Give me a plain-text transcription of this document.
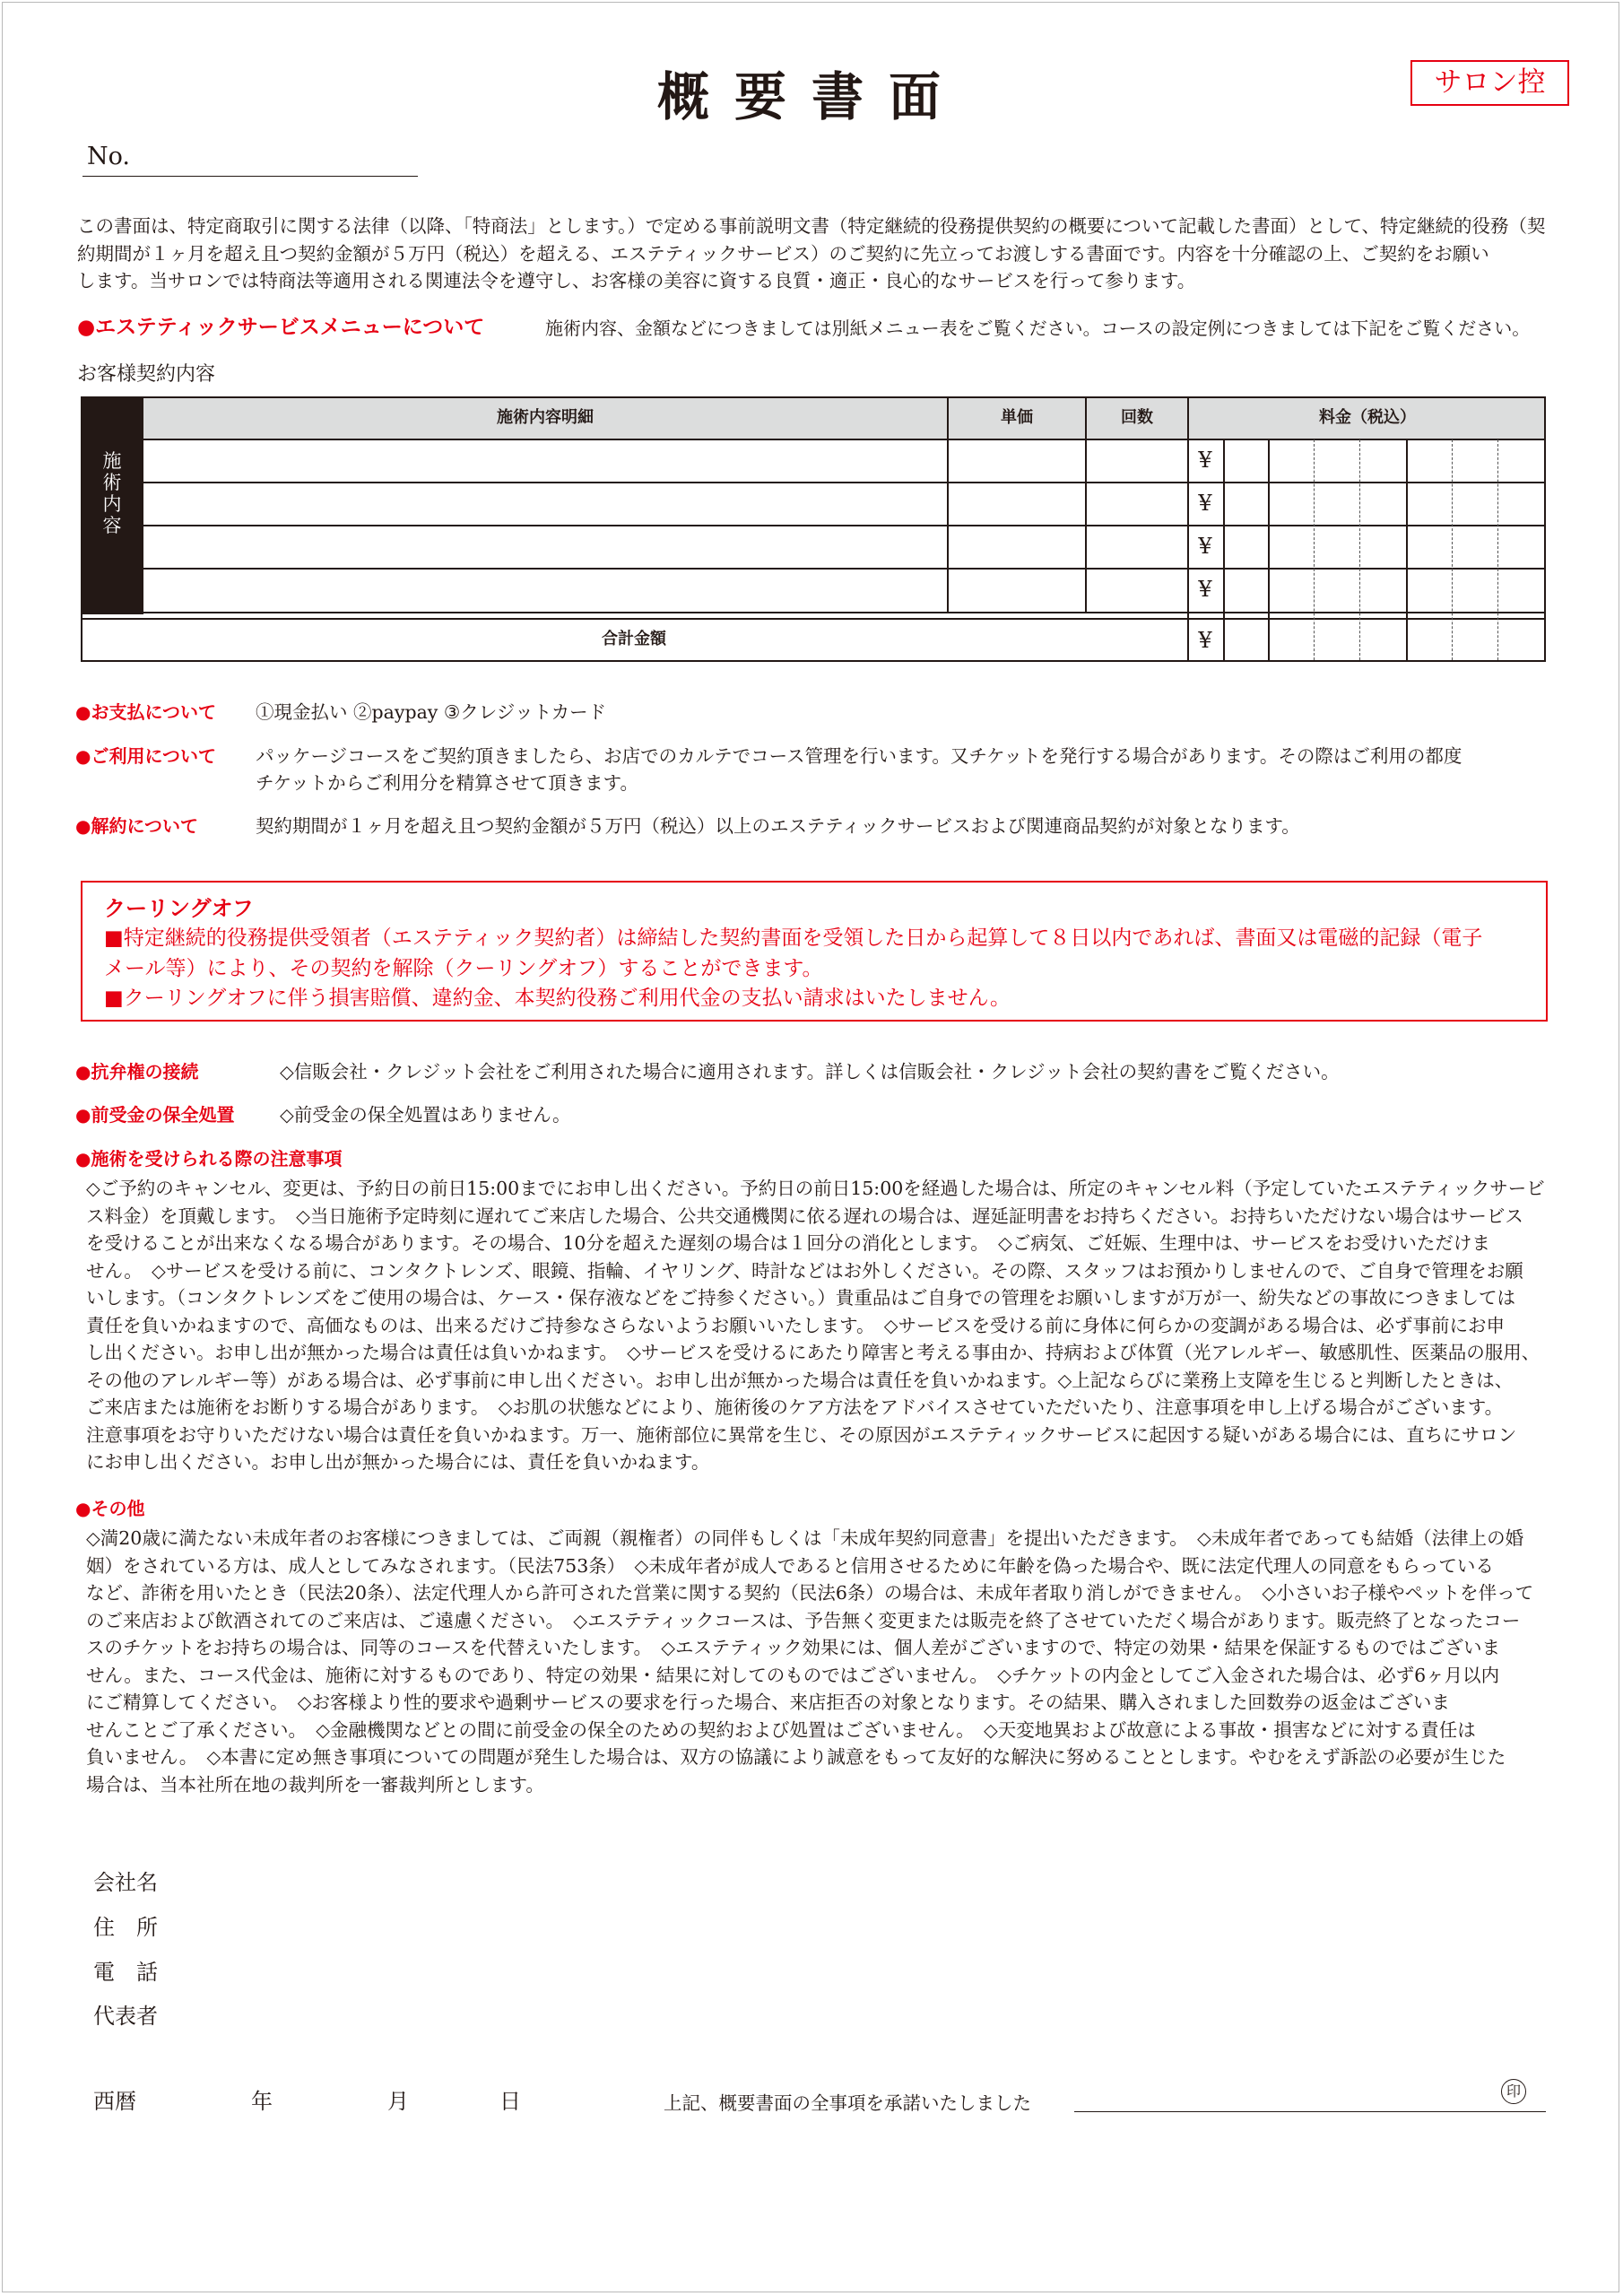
概要書面	サロン控
No.
この書面は、特定商取引に関する法律（以降、「特商法」とします。）で定める事前説明文書（特定継続的役務提供契約の概要について記載した書面）として、特定継続的役務（契
約期間が１ヶ月を超え且つ契約金額が５万円（税込）を超える、エステティックサービス）のご契約に先立ってお渡しする書面です。内容を十分確認の上、ご契約をお願い
します。当サロンでは特商法等適用される関連法令を遵守し、お客様の美容に資する良質・適正・良心的なサービスを行って参ります。
●エステティックサービスメニューについて	施術内容、金額などにつきましては別紙メニュー表をご覧ください。コースの設定例につきましては下記をご覧ください。
お客様契約内容
施
術
内
容
施術内容明細	単価	回数	料金（税込）
¥
¥
¥
¥
合計金額	¥
●お支払について ①現金払い ②paypay ③クレジットカード
●ご利用について パッケージコースをご契約頂きましたら、お店でのカルテでコース管理を行います。又チケットを発行する場合があります。その際はご利用の都度
チケットからご利用分を精算させて頂きます。
●解約について	契約期間が１ヶ月を超え且つ契約金額が５万円（税込）以上のエステティックサービスおよび関連商品契約が対象となります。
クーリングオフ
■特定継続的役務提供受領者（エステティック契約者）は締結した契約書面を受領した日から起算して８日以内であれば、書面又は電磁的記録（電子
メール等）により、その契約を解除（クーリングオフ）することができます。
■クーリングオフに伴う損害賠償、違約金、本契約役務ご利用代金の支払い請求はいたしません。
●抗弁権の接続	◇信販会社・クレジット会社をご利用された場合に適用されます。詳しくは信販会社・クレジット会社の契約書をご覧ください。
●前受金の保全処置 ◇前受金の保全処置はありません。
●施術を受けられる際の注意事項
◇ご予約のキャンセル、変更は、予約日の前日15:00までにお申し出ください。予約日の前日15:00を経過した場合は、所定のキャンセル料（予定していたエステティックサービ
ス料金）を頂戴します。　◇当日施術予定時刻に遅れてご来店した場合、公共交通機関に依る遅れの場合は、遅延証明書をお持ちください。お持ちいただけない場合はサービス
を受けることが出来なくなる場合があります。その場合、10分を超えた遅刻の場合は１回分の消化とします。　◇ご病気、ご妊娠、生理中は、サービスをお受けいただけま
せん。　◇サービスを受ける前に、コンタクトレンズ、眼鏡、指輪、イヤリング、時計などはお外しください。その際、スタッフはお預かりしませんので、ご自身で管理をお願
いします。（コンタクトレンズをご使用の場合は、ケース・保存液などをご持参ください。）貴重品はご自身での管理をお願いしますが万が一、紛失などの事故につきましては
責任を負いかねますので、高価なものは、出来るだけご持参なさらないようお願いいたします。　◇サービスを受ける前に身体に何らかの変調がある場合は、必ず事前にお申
し出ください。お申し出が無かった場合は責任は負いかねます。　◇サービスを受けるにあたり障害と考える事由か、持病および体質（光アレルギー、敏感肌性、医薬品の服用、
その他のアレルギー等）がある場合は、必ず事前に申し出ください。お申し出が無かった場合は責任を負いかねます。◇上記ならびに業務上支障を生じると判断したときは、
ご来店または施術をお断りする場合があります。　◇お肌の状態などにより、施術後のケア方法をアドバイスさせていただいたり、注意事項を申し上げる場合がございます。
注意事項をお守りいただけない場合は責任を負いかねます。万一、施術部位に異常を生じ、その原因がエステティックサービスに起因する疑いがある場合には、直ちにサロン
にお申し出ください。お申し出が無かった場合には、責任を負いかねます。
●その他
◇満20歳に満たない未成年者のお客様につきましては、ご両親（親権者）の同伴もしくは「未成年契約同意書」を提出いただきます。　◇未成年者であっても結婚（法律上の婚
姻）をされている方は、成人としてみなされます。（民法753条）　◇未成年者が成人であると信用させるために年齢を偽った場合や、既に法定代理人の同意をもらっている
など、詐術を用いたとき（民法20条）、法定代理人から許可された営業に関する契約（民法6条）の場合は、未成年者取り消しができません。　◇小さいお子様やペットを伴って
のご来店および飲酒されてのご来店は、ご遠慮ください。　◇エステティックコースは、予告無く変更または販売を終了させていただく場合があります。販売終了となったコー
スのチケットをお持ちの場合は、同等のコースを代替えいたします。　◇エステティック効果には、個人差がございますので、特定の効果・結果を保証するものではございま
せん。また、コース代金は、施術に対するものであり、特定の効果・結果に対してのものではございません。　◇チケットの内金としてご入金された場合は、必ず6ヶ月以内
にご精算してください。　◇お客様より性的要求や過剰サービスの要求を行った場合、来店拒否の対象となります。その結果、購入されました回数券の返金はございま
せんことご了承ください。　◇金融機関などとの間に前受金の保全のための契約および処置はございません。　◇天変地異および故意による事故・損害などに対する責任は
負いません。　◇本書に定め無き事項についての問題が発生した場合は、双方の協議により誠意をもって友好的な解決に努めることとします。やむをえず訴訟の必要が生じた
場合は、当本社所在地の裁判所を一審裁判所とします。
会社名
住　所
電　話
代表者
西暦	年	月	日	上記、概要書面の全事項を承諾いたしました
印
